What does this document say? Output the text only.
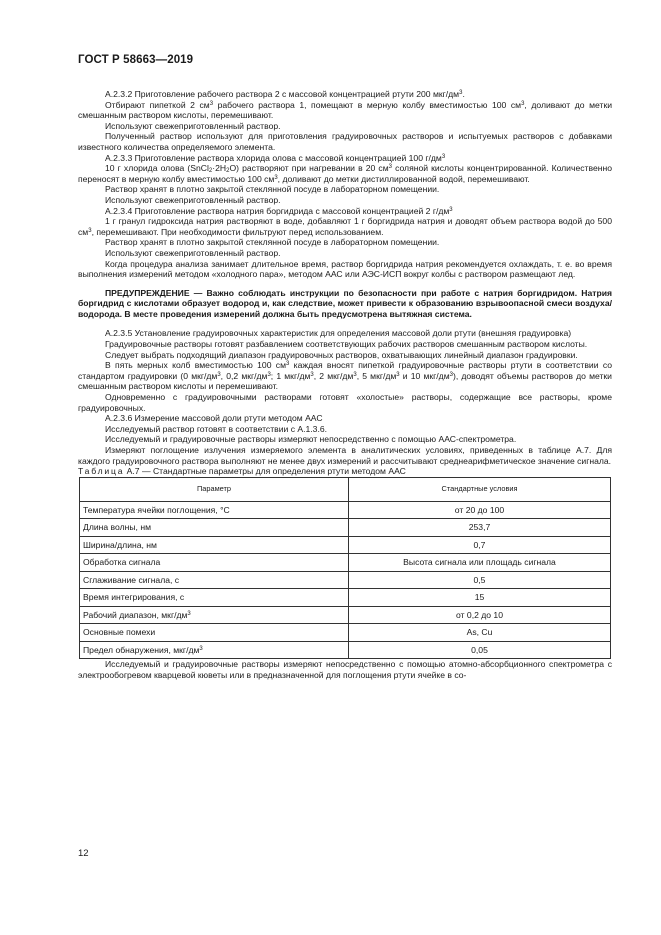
ГОСТ Р 58663—2019

А.2.3.2 Приготовление рабочего раствора 2 с массовой концентрацией ртути 200 мкг/$дм^3$.

Отбирают пипеткой 2 $см^3$ рабочего раствора 1, помещают в мерную колбу вместимостью 100 $см^3$, доливают до метки смешанным раствором кислоты, перемешивают.

Используют свежеприготовленный раствор.

Полученный раствор используют для приготовления градуировочных растворов и испытуемых растворов с добавками известного количества определяемого элемента.

А.2.3.3 Приготовление раствора хлорида олова с массовой концентрацией 100 $г/дм^3$

10 г хлорида олова $(SnCl_2\cdot 2H_2O)$ растворяют при нагревании в 20 $см^3$ соляной кислоты концентрированной. Количественно переносят в мерную колбу вместимостью 100 $см^3$, доливают до метки дистиллированной водой, перемешивают.

Раствор хранят в плотно закрытой стеклянной посуде в лабораторном помещении.

Используют свежеприготовленный раствор.

А.2.3.4 Приготовление раствора натрия боргидрида с массовой концентрацией 2 $г/дм^3$

1 г гранул гидроксида натрия растворяют в воде, добавляют 1 г боргидрида натрия и доводят объем раствора водой до 500 $см^3$, перемешивают. При необходимости фильтруют перед использованием.

Раствор хранят в плотно закрытой стеклянной посуде в лабораторном помещении.

Используют свежеприготовленный раствор.

Когда процедура анализа занимает длительное время, раствор боргидрида натрия рекомендуется охлаждать, т. е. во время выполнения измерений методом «холодного пара», методом ААС или АЭС-ИСП вокруг колбы с раствором размещают лед.

ПРЕДУПРЕЖДЕНИЕ — Важно соблюдать инструкции по безопасности при работе с натрия боргидридом. Натрия боргидрид с кислотами образует водород и, как следствие, может привести к образованию взрывоопасной смеси воздуха/водорода. В месте проведения измерений должна быть предусмотрена вытяжная система.

А.2.3.5 Установление градуировочных характеристик для определения массовой доли ртути (внешняя градуировка)

Градуировочные растворы готовят разбавлением соответствующих рабочих растворов смешанным раствором кислоты.

Следует выбрать подходящий диапазон градуировочных растворов, охватывающих линейный диапазон градуировки.

В пять мерных колб вместимостью 100 $см^3$ каждая вносят пипеткой градуировочные растворы ртути в соответствии со стандартом градуировки (0 мкг/$дм^3$, 0,2 мкг/$дм^3$; 1 мкг/$дм^3$, 2 мкг/$дм^3$, 5 мкг/$дм^3$ и 10 мкг/$дм^3$), доводят объемы растворов до метки смешанным раствором кислоты и перемешивают.

Одновременно с градуировочными растворами готовят «холостые» растворы, содержащие все растворы, кроме градуировочных.

А.2.3.6 Измерение массовой доли ртути методом ААС

Исследуемый раствор готовят в соответствии с А.1.3.6.

Исследуемый и градуировочные растворы измеряют непосредственно с помощью ААС-спектрометра.

Измеряют поглощение излучения измеряемого элемента в аналитических условиях, приведенных в таблице А.7. Для каждого градуировочного раствора выполняют не менее двух измерений и рассчитывают среднеарифметическое значение сигнала.

Таблица А.7 — Стандартные параметры для определения ртути методом ААС

Параметр	Стандартные условия
Температура ячейки поглощения, °С	от 20 до 100
Длина волны, нм	253,7
Ширина/длина, нм	0,7
Обработка сигнала	Высота сигнала или площадь сигнала
Сглаживание сигнала, с	0,5
Время интегрирования, с	15
Рабочий диапазон, мкг/$дм^3$	от 0,2 до 10
Основные помехи	As, Cu
Предел обнаружения, мкг/$дм^3$	0,05

Исследуемый и градуировочные растворы измеряют непосредственно с помощью атомно-абсорбционного спектрометра с электрообогревом кварцевой кюветы или в предназначенной для поглощения ртути ячейке в со-

12
